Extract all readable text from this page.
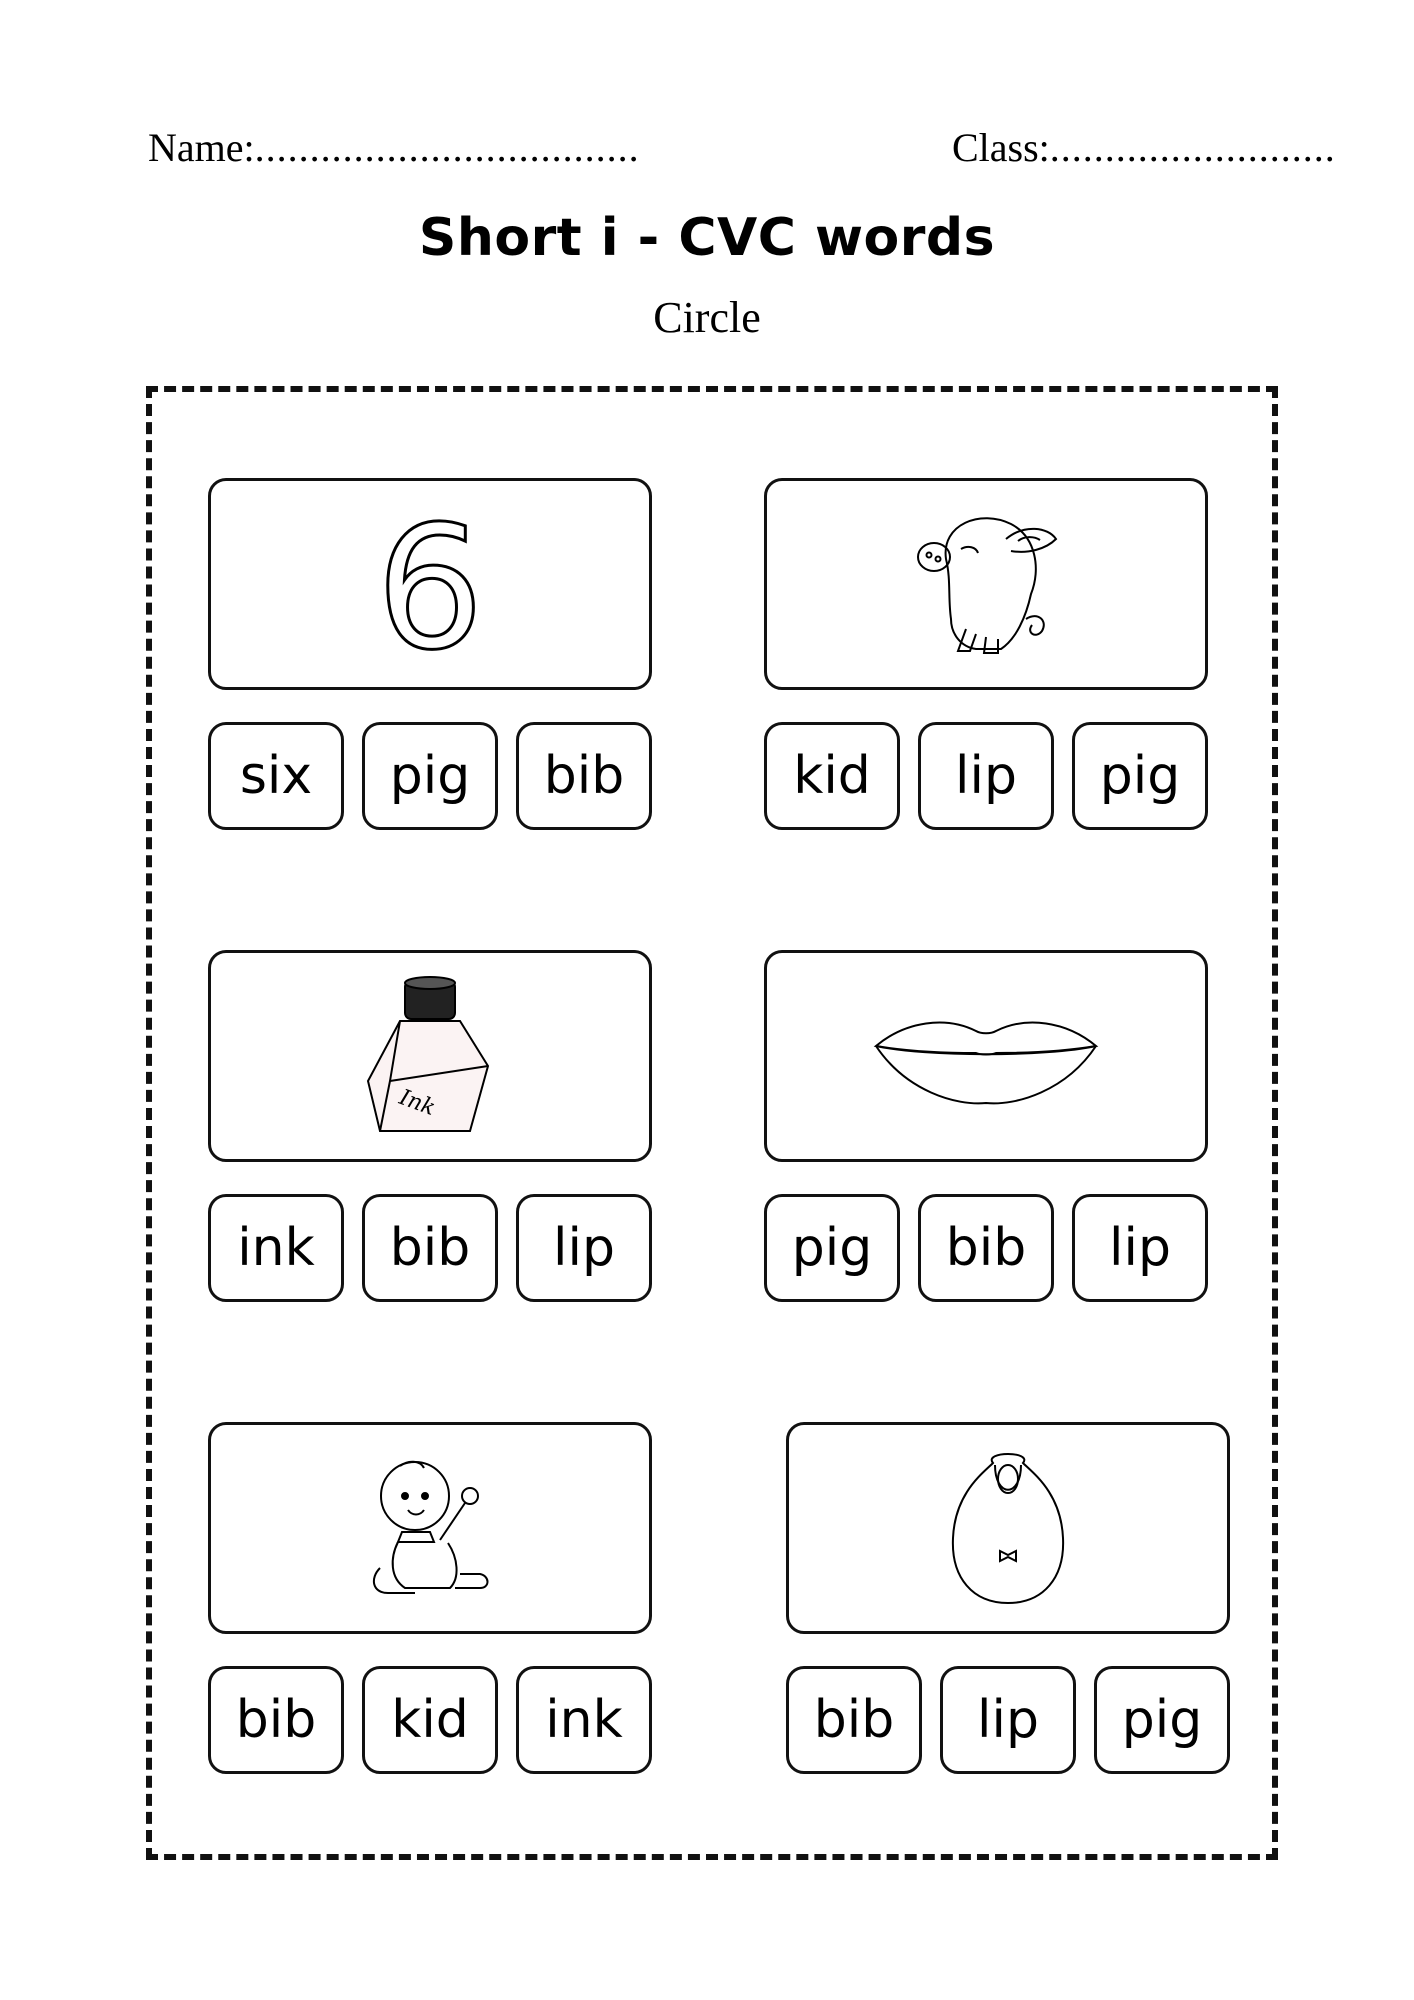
Name:...................................	Class:..........................
Short i - CVC words
Circle
6
six	pig	bib	kid	lip	pig
Ink
ink	bib	lip	pig	bib	lip
bib	kid	ink	bib	lip	pig
